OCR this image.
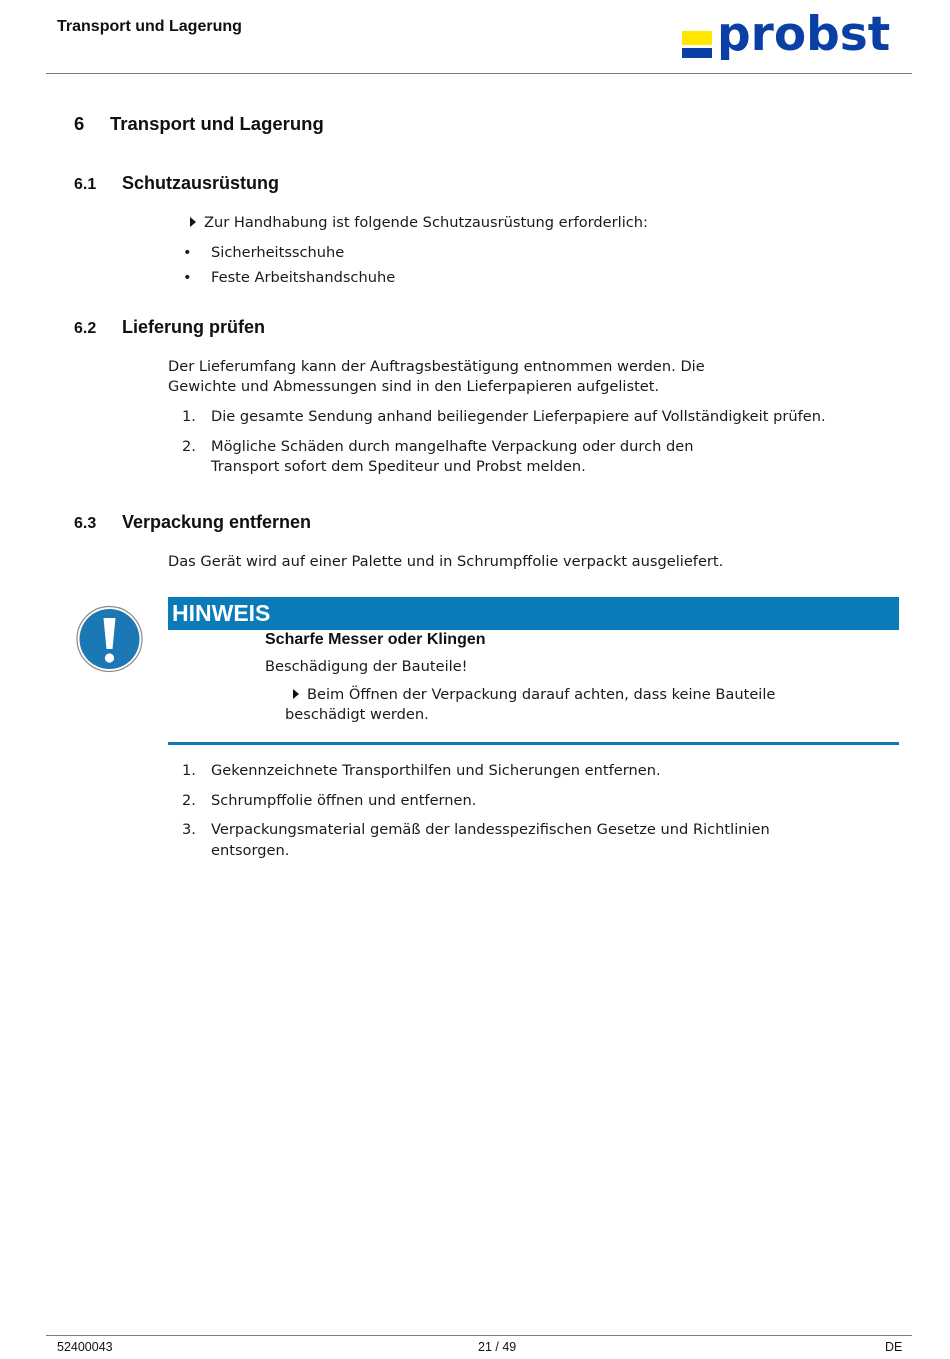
Transport und Lagerung	probst
6 Transport und Lagerung
6.1 Schutzausrüstung
Zur Handhabung ist folgende Schutzausrüstung erforderlich:
• Sicherheitsschuhe
• Feste Arbeitshandschuhe
6.2 Lieferung prüfen
Der Lieferumfang kann der Auftragsbestätigung entnommen werden. Die
Gewichte und Abmessungen sind in den Lieferpapieren aufgelistet.
1. Die gesamte Sendung anhand beiliegender Lieferpapiere auf Vollständigkeit prüfen.
2. Mögliche Schäden durch mangelhafte Verpackung oder durch den
Transport sofort dem Spediteur und Probst melden.
6.3 Verpackung entfernen
Das Gerät wird auf einer Palette und in Schrumpffolie verpackt ausgeliefert.
HINWEIS
Scharfe Messer oder Klingen
Beschädigung der Bauteile!
Beim Öffnen der Verpackung darauf achten, dass keine Bauteile
beschädigt werden.
1. Gekennzeichnete Transporthilfen und Sicherungen entfernen.
2. Schrumpffolie öffnen und entfernen.
3. Verpackungsmaterial gemäß der landesspezifischen Gesetze und Richtlinien
entsorgen.
52400043	21 / 49	DE
